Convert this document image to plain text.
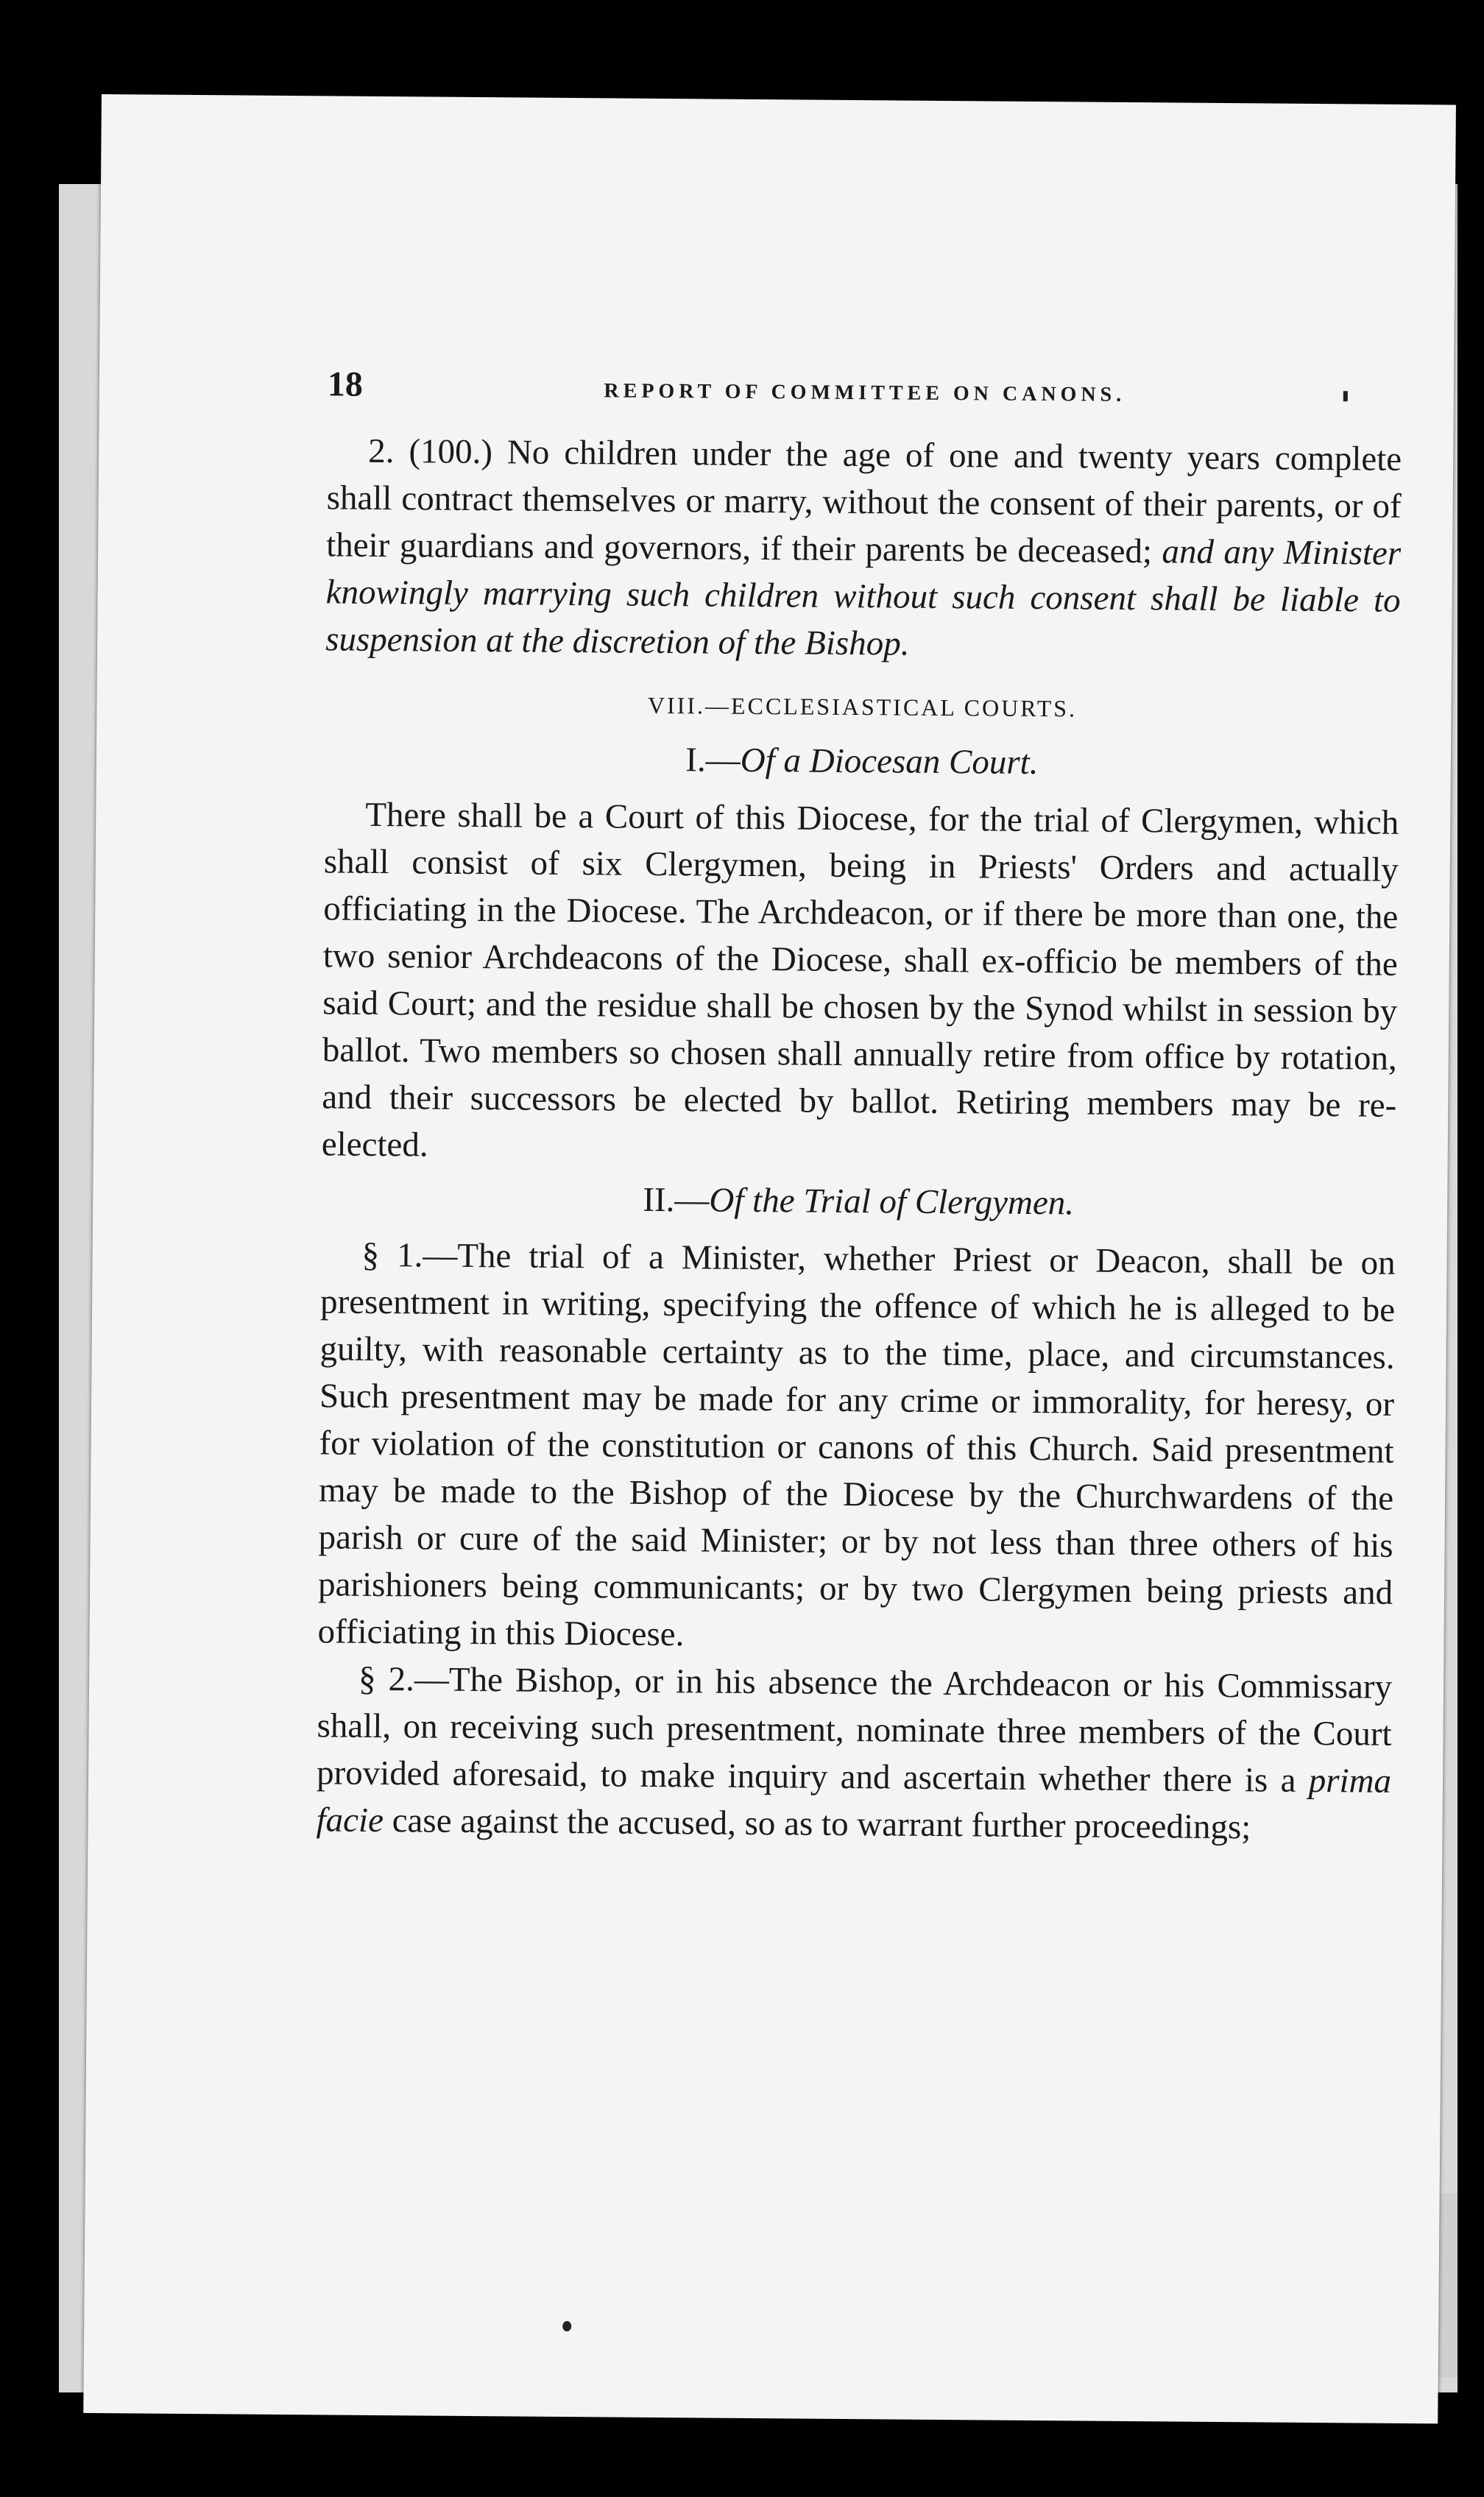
18	REPORT OF COMMITTEE ON CANONS.

2. (100.) No children under the age of one and twenty years complete shall contract themselves or marry, without the consent of their parents, or of their guardians and governors, if their parents be deceased; and any Minister knowingly marrying such children without such consent shall be liable to suspension at the discretion of the Bishop.

VIII.—ECCLESIASTICAL COURTS.
I.—Of a Diocesan Court.

There shall be a Court of this Diocese, for the trial of Clergymen, which shall consist of six Clergymen, being in Priests' Orders and actually officiating in the Diocese. The Archdeacon, or if there be more than one, the two senior Archdeacons of the Diocese, shall ex-officio be members of the said Court; and the residue shall be chosen by the Synod whilst in session by ballot. Two members so chosen shall annually retire from office by rotation, and their successors be elected by ballot. Retiring members may be re-elected.

II.—Of the Trial of Clergymen.

§ 1.—The trial of a Minister, whether Priest or Deacon, shall be on presentment in writing, specifying the offence of which he is alleged to be guilty, with reasonable certainty as to the time, place, and circumstances. Such presentment may be made for any crime or immorality, for heresy, or for violation of the constitution or canons of this Church. Said presentment may be made to the Bishop of the Diocese by the Churchwardens of the parish or cure of the said Minister; or by not less than three others of his parishioners being communicants; or by two Clergymen being priests and officiating in this Diocese.

§ 2.—The Bishop, or in his absence the Archdeacon or his Commissary shall, on receiving such presentment, nominate three members of the Court provided aforesaid, to make inquiry and ascertain whether there is a prima facie case against the accused, so as to warrant further proceedings;
